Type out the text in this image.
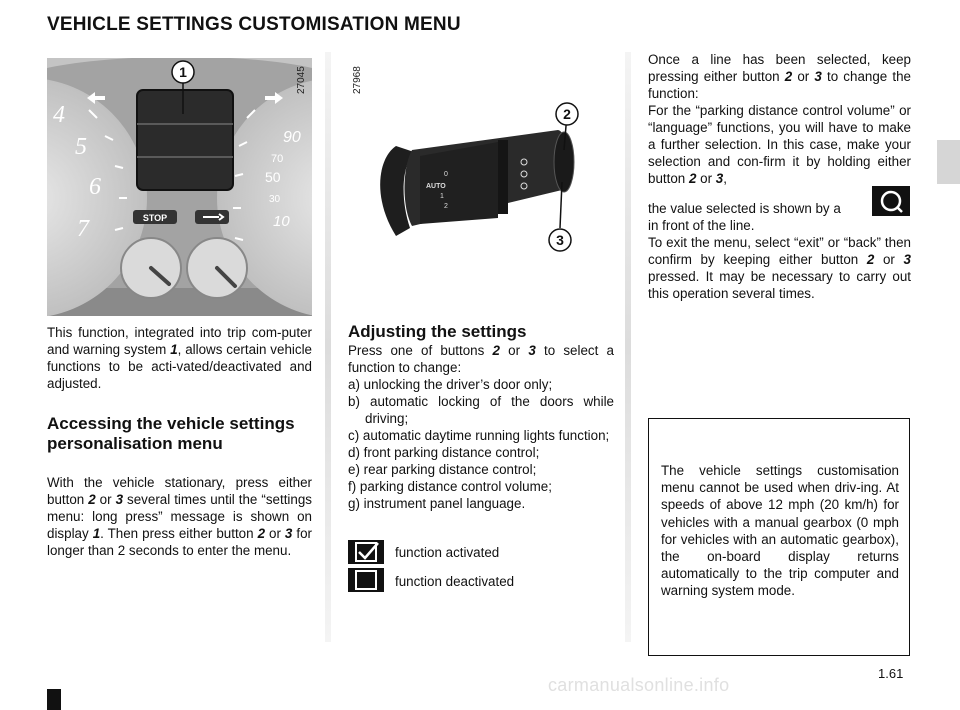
VEHICLE SETTINGS CUSTOMISATION MENU
4
5
6
7
90
70
50
30
10
STOP
1	27045
AUTO
0
1
2
2
3
27968
This function, integrated into trip com-puter and warning system 1, allows certain vehicle functions to be acti-vated/deactivated and adjusted.
Accessing the vehicle settings personalisation menu
With the vehicle stationary, press either button 2 or 3 several times until the “settings menu: long press” message is shown on display 1. Then press either button 2 or 3 for longer than 2 seconds to enter the menu.
Adjusting the settings
Press one of buttons 2 or 3 to select a function to change:
a) unlocking the driver’s door only;
b) automatic locking of the doors while driving;
c) automatic daytime running lights function;
d) front parking distance control;
e) rear parking distance control;
f) parking distance control volume;
g) instrument panel language.
function activated
function deactivated
Once a line has been selected, keep pressing either button 2 or 3 to change the function:
For the “parking distance control volume” or “language” functions, you will have to make a further selection. In this case, make your selection and con-firm it by holding either button 2 or 3,
the value selected is shown by a
in front of the line.
To exit the menu, select “exit” or “back” then confirm by keeping either button 2 or 3 pressed. It may be necessary to carry out this operation several times.
The vehicle settings customisation menu cannot be used when driv-ing. At speeds of above 12 mph (20 km/h) for vehicles with a manual gearbox (0 mph for vehicles with an automatic gearbox), the on-board display returns automatically to the trip computer and warning system mode.
1.61
carmanualsonline.info
